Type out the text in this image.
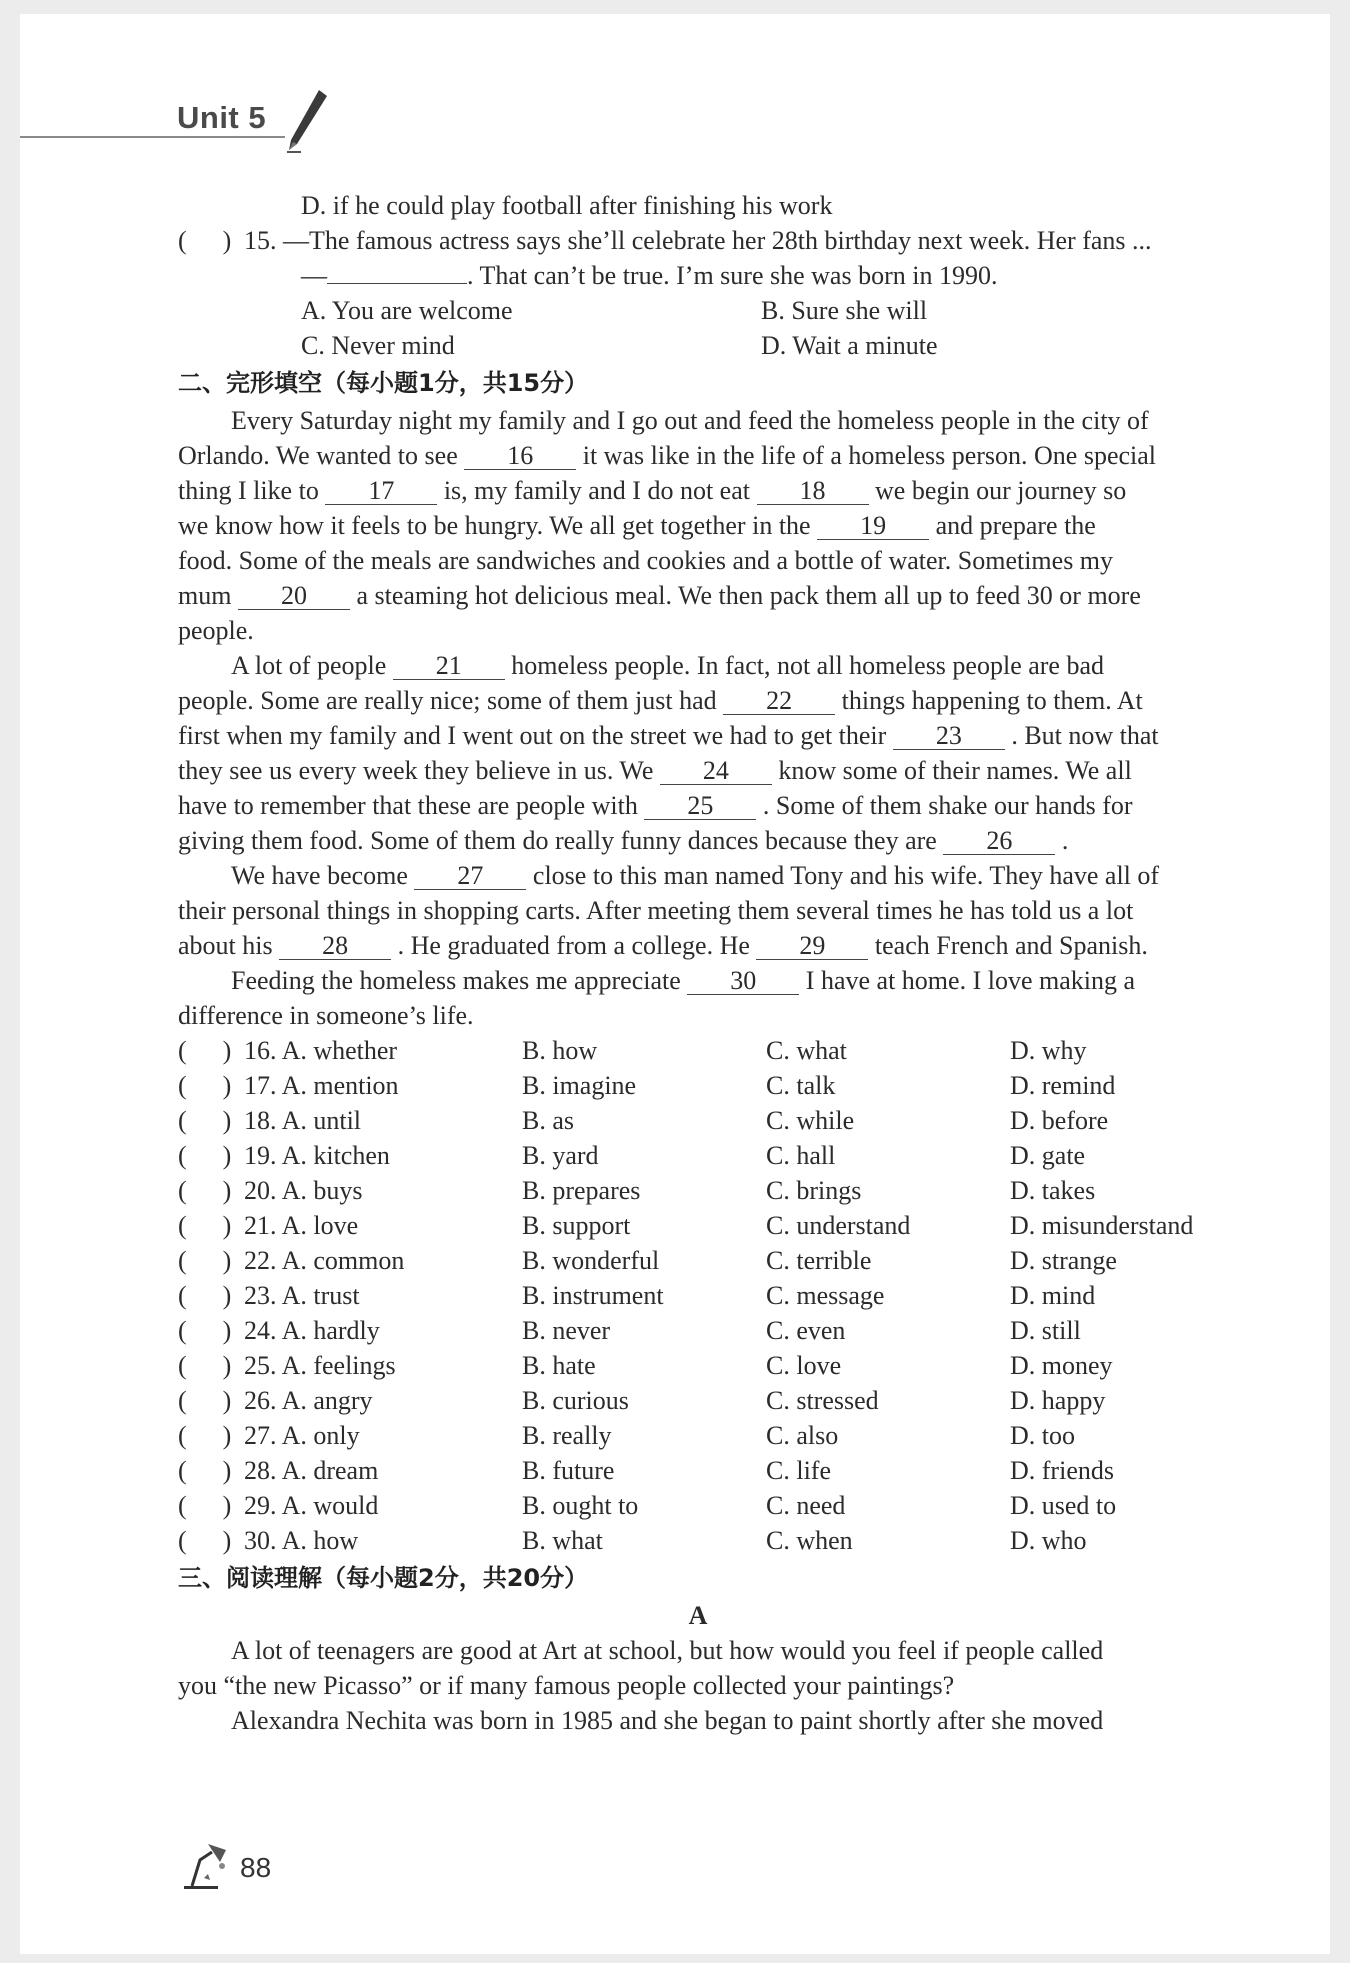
Unit 5
D. if he could play football after finishing his work
( ) 15. —The famous actress says she’ll celebrate her 28th birthday next week. Her fans ...
—	. That can’t be true. I’m sure she was born in 1990.
A. You are welcome	B. Sure she will
C. Never mind	D. Wait a minute
二、完形填空（每小题1分，共15分）
Every Saturday night my family and I go out and feed the homeless people in the city of
Orlando. We wanted to see 16 it was like in the life of a homeless person. One special
thing I like to 17 is, my family and I do not eat 18 we begin our journey so
we know how it feels to be hungry. We all get together in the 19 and prepare the
food. Some of the meals are sandwiches and cookies and a bottle of water. Sometimes my
mum 20 a steaming hot delicious meal. We then pack them all up to feed 30 or more
people.
A lot of people 21 homeless people. In fact, not all homeless people are bad
people. Some are really nice; some of them just had 22 things happening to them. At
first when my family and I went out on the street we had to get their 23 . But now that
they see us every week they believe in us. We 24 know some of their names. We all
have to remember that these are people with 25 . Some of them shake our hands for
giving them food. Some of them do really funny dances because they are 26 .
We have become 27 close to this man named Tony and his wife. They have all of
their personal things in shopping carts. After meeting them several times he has told us a lot
about his 28 . He graduated from a college. He 29 teach French and Spanish.
Feeding the homeless makes me appreciate 30 I have at home. I love making a
difference in someone’s life.
( ) 16. A. whether	B. how	C. what	D. why
( ) 17. A. mention	B. imagine	C. talk	D. remind
( ) 18. A. until	B. as	C. while	D. before
( ) 19. A. kitchen	B. yard	C. hall	D. gate
( ) 20. A. buys	B. prepares	C. brings	D. takes
( ) 21. A. love	B. support	C. understand	D. misunderstand
( ) 22. A. common	B. wonderful	C. terrible	D. strange
( ) 23. A. trust	B. instrument	C. message	D. mind
( ) 24. A. hardly	B. never	C. even	D. still
( ) 25. A. feelings	B. hate	C. love	D. money
( ) 26. A. angry	B. curious	C. stressed	D. happy
( ) 27. A. only	B. really	C. also	D. too
( ) 28. A. dream	B. future	C. life	D. friends
( ) 29. A. would	B. ought to	C. need	D. used to
( ) 30. A. how	B. what	C. when	D. who
三、阅读理解（每小题2分，共20分）
A
A lot of teenagers are good at Art at school, but how would you feel if people called
you “the new Picasso” or if many famous people collected your paintings?
Alexandra Nechita was born in 1985 and she began to paint shortly after she moved
88
